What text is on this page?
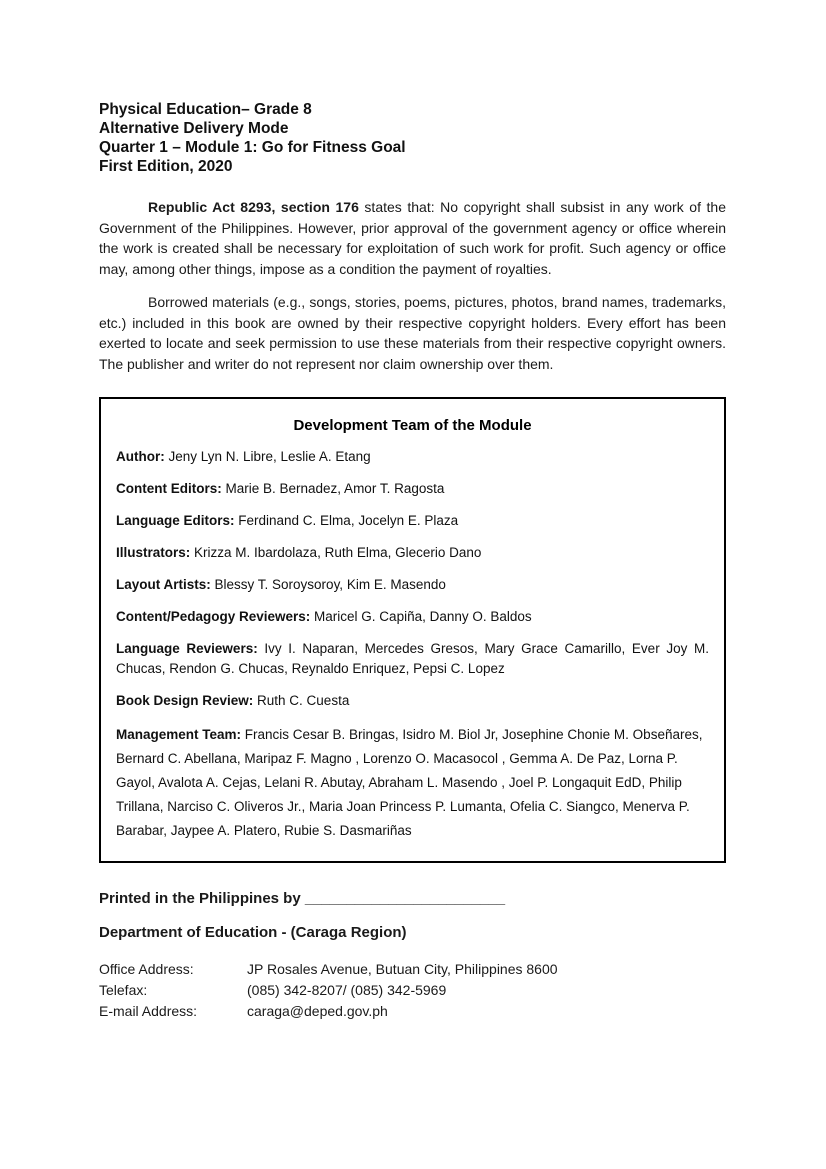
Physical Education– Grade 8
Alternative Delivery Mode
Quarter 1 – Module 1: Go for Fitness Goal
First Edition, 2020

Republic Act 8293, section 176 states that: No copyright shall subsist in any work of the Government of the Philippines. However, prior approval of the government agency or office wherein the work is created shall be necessary for exploitation of such work for profit. Such agency or office may, among other things, impose as a condition the payment of royalties.

Borrowed materials (e.g., songs, stories, poems, pictures, photos, brand names, trademarks, etc.) included in this book are owned by their respective copyright holders. Every effort has been exerted to locate and seek permission to use these materials from their respective copyright owners. The publisher and writer do not represent nor claim ownership over them.

Development Team of the Module
Author: Jeny Lyn N. Libre, Leslie A. Etang
Content Editors: Marie B. Bernadez, Amor T. Ragosta
Language Editors: Ferdinand C. Elma, Jocelyn E. Plaza
Illustrators: Krizza M. Ibardolaza, Ruth Elma, Glecerio Dano
Layout Artists: Blessy T. Soroysoroy, Kim E. Masendo
Content/Pedagogy Reviewers: Maricel G. Capiña, Danny O. Baldos
Language Reviewers: Ivy I. Naparan, Mercedes Gresos, Mary Grace Camarillo, Ever Joy M. Chucas, Rendon G. Chucas, Reynaldo Enriquez, Pepsi C. Lopez
Book Design Review: Ruth C. Cuesta
Management Team: Francis Cesar B. Bringas, Isidro M. Biol Jr, Josephine Chonie M. Obseñares, Bernard C. Abellana, Maripaz F. Magno , Lorenzo O. Macasocol , Gemma A. De Paz, Lorna P. Gayol, Avalota A. Cejas, Lelani R. Abutay, Abraham L. Masendo , Joel P. Longaquit EdD, Philip Trillana, Narciso C. Oliveros Jr., Maria Joan Princess P. Lumanta, Ofelia C. Siangco, Menerva P. Barabar, Jaypee A. Platero, Rubie S. Dasmariñas

Printed in the Philippines by ________________________

Department of Education - (Caraga Region)

Office Address:	JP Rosales Avenue, Butuan City, Philippines 8600
Telefax:	(085) 342-8207/ (085) 342-5969
E-mail Address:	caraga@deped.gov.ph
